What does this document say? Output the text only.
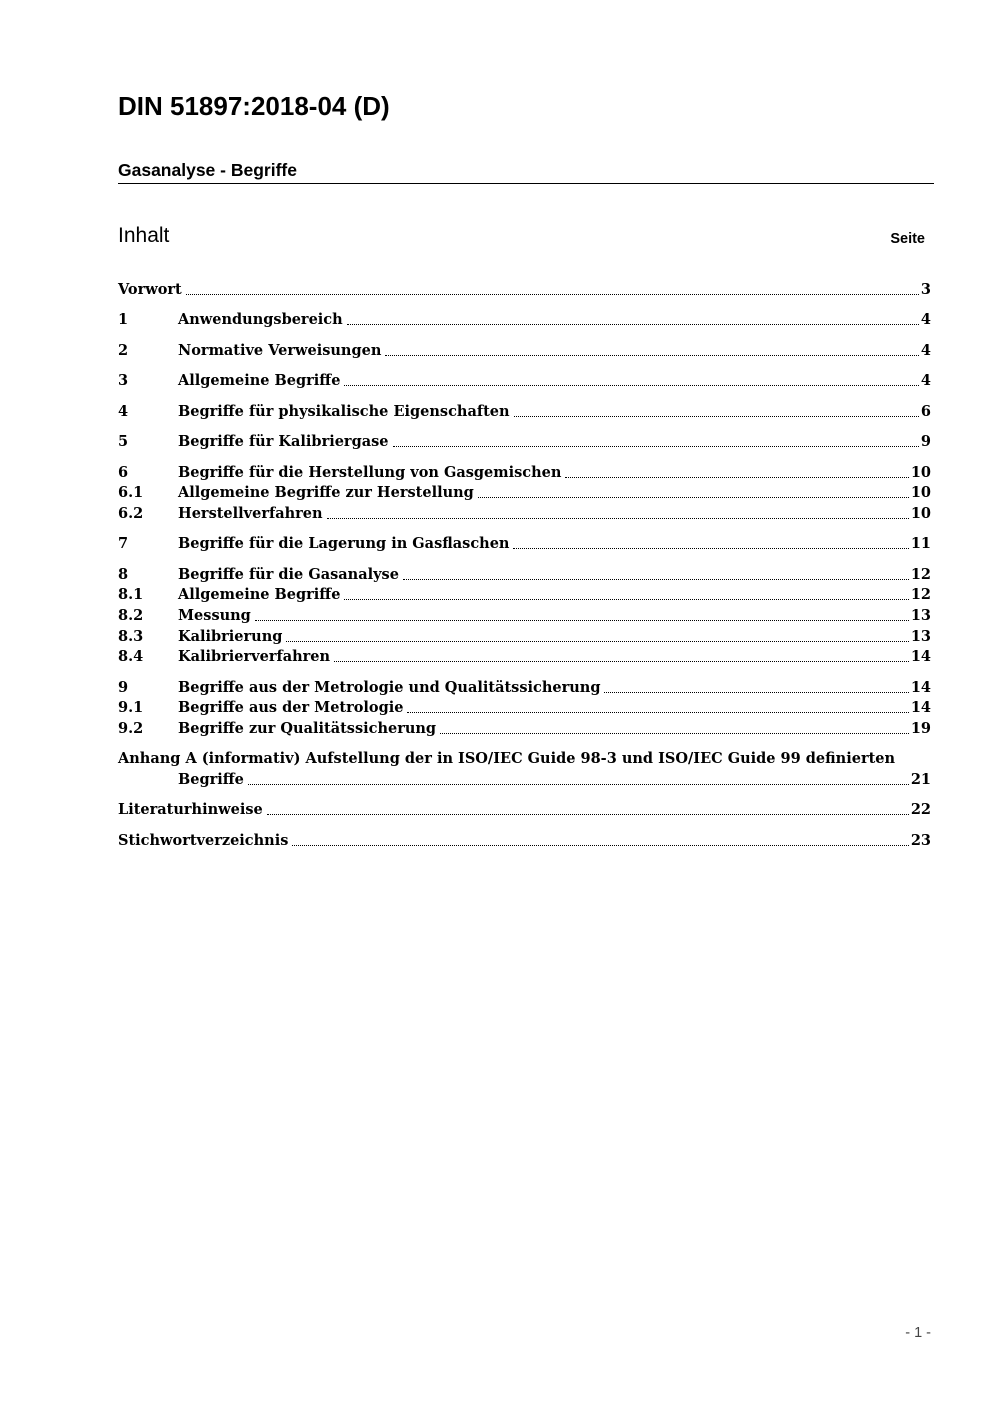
DIN 51897:2018-04 (D)
Gasanalyse - Begriffe
Inhalt	Seite
Vorwort	3
1	Anwendungsbereich	4
2	Normative Verweisungen	4
3	Allgemeine Begriffe	4
4	Begriffe für physikalische Eigenschaften	6
5	Begriffe für Kalibriergase	9
6	Begriffe für die Herstellung von Gasgemischen	10
6.1	Allgemeine Begriffe zur Herstellung	10
6.2	Herstellverfahren	10
7	Begriffe für die Lagerung in Gasflaschen	11
8	Begriffe für die Gasanalyse	12
8.1	Allgemeine Begriffe	12
8.2	Messung	13
8.3	Kalibrierung	13
8.4	Kalibrierverfahren	14
9	Begriffe aus der Metrologie und Qualitätssicherung	14
9.1	Begriffe aus der Metrologie	14
9.2	Begriffe zur Qualitätssicherung	19
Anhang A (informativ) Aufstellung der in ISO/IEC Guide 98-3 und ISO/IEC Guide 99 definierten
Begriffe	21
Literaturhinweise	22
Stichwortverzeichnis	23
- 1 -
